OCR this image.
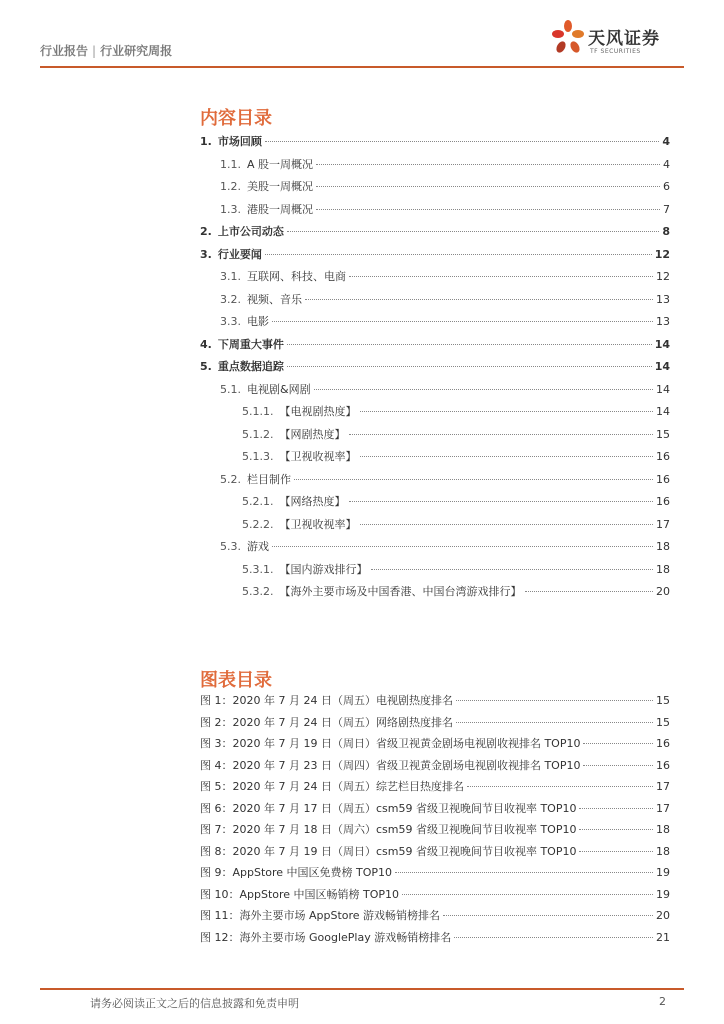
行业报告 | 行业研究周报
天风证券
TF SECURITIES
内容目录
1. 市场回顾	4
1.1. A 股一周概况	4
1.2. 美股一周概况	6
1.3. 港股一周概况	7
2. 上市公司动态	8
3. 行业要闻	12
3.1. 互联网、科技、电商	12
3.2. 视频、音乐	13
3.3. 电影	13
4. 下周重大事件	14
5. 重点数据追踪	14
5.1. 电视剧&网剧	14
5.1.1. 【电视剧热度】	14
5.1.2. 【网剧热度】	15
5.1.3. 【卫视收视率】	16
5.2. 栏目制作	16
5.2.1. 【网络热度】	16
5.2.2. 【卫视收视率】	17
5.3. 游戏	18
5.3.1. 【国内游戏排行】	18
5.3.2. 【海外主要市场及中国香港、中国台湾游戏排行】	20
图表目录
图 1：2020 年 7 月 24 日（周五）电视剧热度排名	15
图 2：2020 年 7 月 24 日（周五）网络剧热度排名	15
图 3：2020 年 7 月 19 日（周日）省级卫视黄金剧场电视剧收视排名 TOP10	16
图 4：2020 年 7 月 23 日（周四）省级卫视黄金剧场电视剧收视排名 TOP10	16
图 5：2020 年 7 月 24 日（周五）综艺栏目热度排名	17
图 6：2020 年 7 月 17 日（周五）csm59 省级卫视晚间节目收视率 TOP10	17
图 7：2020 年 7 月 18 日（周六）csm59 省级卫视晚间节目收视率 TOP10	18
图 8：2020 年 7 月 19 日（周日）csm59 省级卫视晚间节目收视率 TOP10	18
图 9：AppStore 中国区免费榜 TOP10	19
图 10：AppStore 中国区畅销榜 TOP10	19
图 11：海外主要市场 AppStore 游戏畅销榜排名	20
图 12：海外主要市场 GooglePlay 游戏畅销榜排名	21
请务必阅读正文之后的信息披露和免责申明	2
